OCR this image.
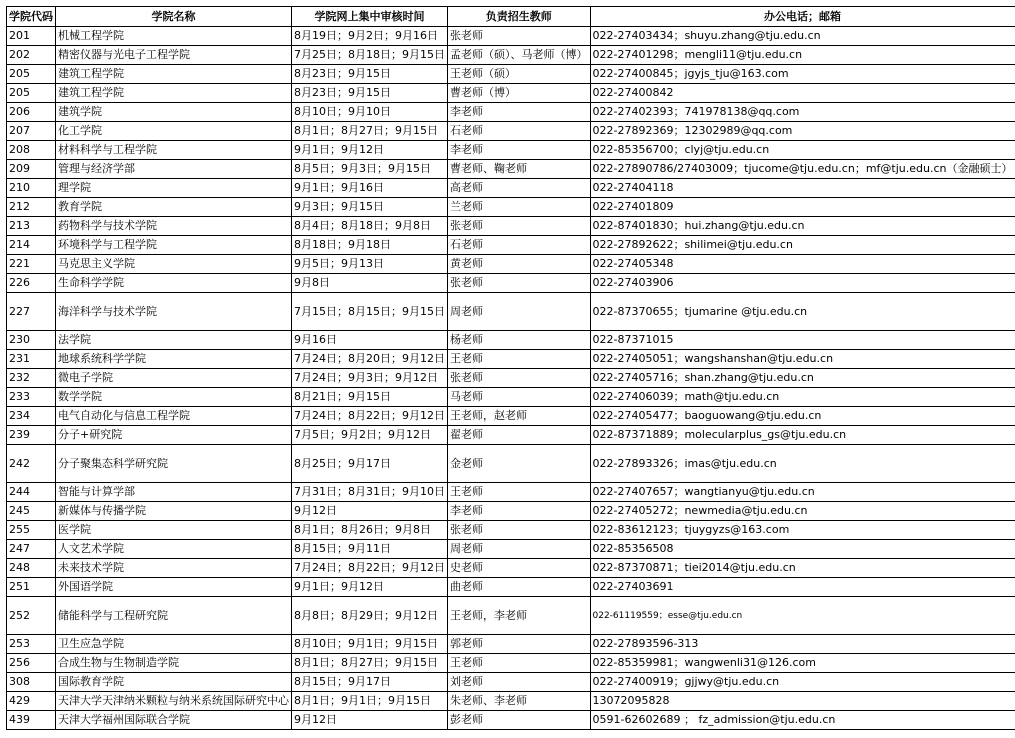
学院代码	学院名称	学院网上集中审核时间	负责招生教师	办公电话；邮箱
201	机械工程学院	8月19日；9月2日；9月16日	张老师	022-27403434；shuyu.zhang@tju.edu.cn
202	精密仪器与光电子工程学院	7月25日；8月18日；9月15日	孟老师（硕）、马老师（博）	022-27401298；mengli11@tju.edu.cn
205	建筑工程学院	8月23日；9月15日	王老师（硕）	022-27400845；jgyjs_tju@163.com
205	建筑工程学院	8月23日；9月15日	曹老师（博）	022-27400842
206	建筑学院	8月10日；9月10日	李老师	022-27402393；741978138@qq.com
207	化工学院	8月1日；8月27日；9月15日	石老师	022-27892369；12302989@qq.com
208	材料科学与工程学院	9月1日；9月12日	李老师	022-85356700；clyj@tju.edu.cn
209	管理与经济学部	8月5日；9月3日；9月15日	曹老师、鞠老师	022-27890786/27403009；tjucome@tju.edu.cn；mf@tju.edu.cn（金融硕士）
210	理学院	9月1日；9月16日	高老师	022-27404118
212	教育学院	9月3日；9月15日	兰老师	022-27401809
213	药物科学与技术学院	8月4日；8月18日；9月8日	张老师	022-87401830；hui.zhang@tju.edu.cn
214	环境科学与工程学院	8月18日；9月18日	石老师	022-27892622；shilimei@tju.edu.cn
221	马克思主义学院	9月5日；9月13日	黄老师	022-27405348
226	生命科学学院	9月8日	张老师	022-27403906
227	海洋科学与技术学院	7月15日；8月15日；9月15日	周老师	022-87370655；tjumarine @tju.edu.cn
230	法学院	9月16日	杨老师	022-87371015
231	地球系统科学学院	7月24日；8月20日；9月12日	王老师	022-27405051；wangshanshan@tju.edu.cn
232	微电子学院	7月24日；9月3日；9月12日	张老师	022-27405716；shan.zhang@tju.edu.cn
233	数学学院	8月21日；9月15日	马老师	022-27406039；math@tju.edu.cn
234	电气自动化与信息工程学院	7月24日；8月22日；9月12日	王老师，赵老师	022-27405477；baoguowang@tju.edu.cn
239	分子+研究院	7月5日；9月2日；9月12日	翟老师	022-87371889；molecularplus_gs@tju.edu.cn
242	分子聚集态科学研究院	8月25日；9月17日	金老师	022-27893326；imas@tju.edu.cn
244	智能与计算学部	7月31日；8月31日；9月10日	王老师	022-27407657；wangtianyu@tju.edu.cn
245	新媒体与传播学院	9月12日	李老师	022-27405272；newmedia@tju.edu.cn
255	医学院	8月1日；8月26日；9月8日	张老师	022-83612123；tjuygyzs@163.com
247	人文艺术学院	8月15日；9月11日	周老师	022-85356508
248	未来技术学院	7月24日；8月22日；9月12日	史老师	022-87370871；tiei2014@tju.edu.cn
251	外国语学院	9月1日；9月12日	曲老师	022-27403691
252	储能科学与工程研究院	8月8日；8月29日；9月12日	王老师，李老师	022-61119559；esse@tju.edu.cn
253	卫生应急学院	8月10日；9月1日；9月15日	郭老师	022-27893596-313
256	合成生物与生物制造学院	8月1日；8月27日；9月15日	王老师	022-85359981；wangwenli31@126.com
308	国际教育学院	8月15日；9月17日	刘老师	022-27400919；gjjwy@tju.edu.cn
429	天津大学天津纳米颗粒与纳米系统国际研究中心	8月1日；9月1日；9月15日	朱老师、李老师	13072095828
439	天津大学福州国际联合学院	9月12日	彭老师	0591-62602689 ； fz_admission@tju.edu.cn
